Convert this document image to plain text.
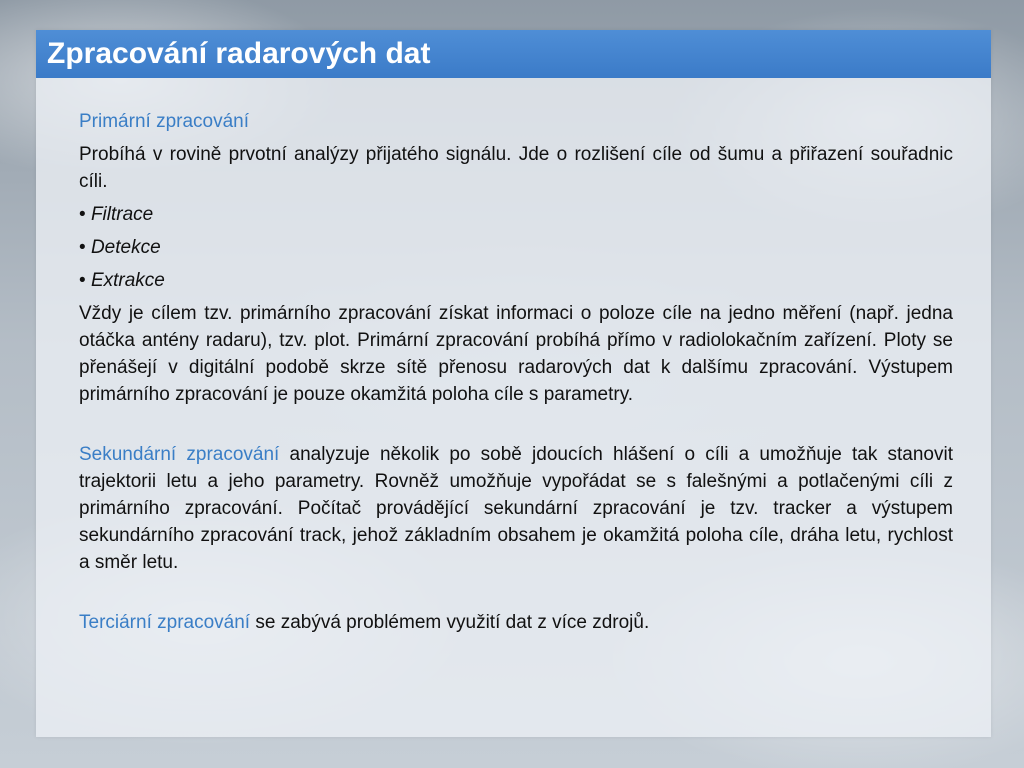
Zpracování radarových dat

Primární zpracování

Probíhá v rovině prvotní analýzy přijatého signálu. Jde o rozlišení cíle od šumu a přiřazení souřadnic cíli.

• Filtrace

• Detekce

• Extrakce

Vždy je cílem tzv. primárního zpracování získat informaci o poloze cíle na jedno měření (např. jedna otáčka antény radaru), tzv. plot. Primární zpracování probíhá přímo v radiolokačním zařízení. Ploty se přenášejí v digitální podobě skrze sítě přenosu radarových dat k dalšímu zpracování. Výstupem primárního zpracování je pouze okamžitá poloha cíle s parametry.

Sekundární zpracování analyzuje několik po sobě jdoucích hlášení o cíli a umožňuje tak stanovit trajektorii letu a jeho parametry. Rovněž umožňuje vypořádat se s falešnými a potlačenými cíli z primárního zpracování. Počítač provádějící sekundární zpracování je tzv. tracker a výstupem sekundárního zpracování track, jehož základním obsahem je okamžitá poloha cíle, dráha letu, rychlost a směr letu.

Terciární zpracování se zabývá problémem využití dat z více zdrojů.
